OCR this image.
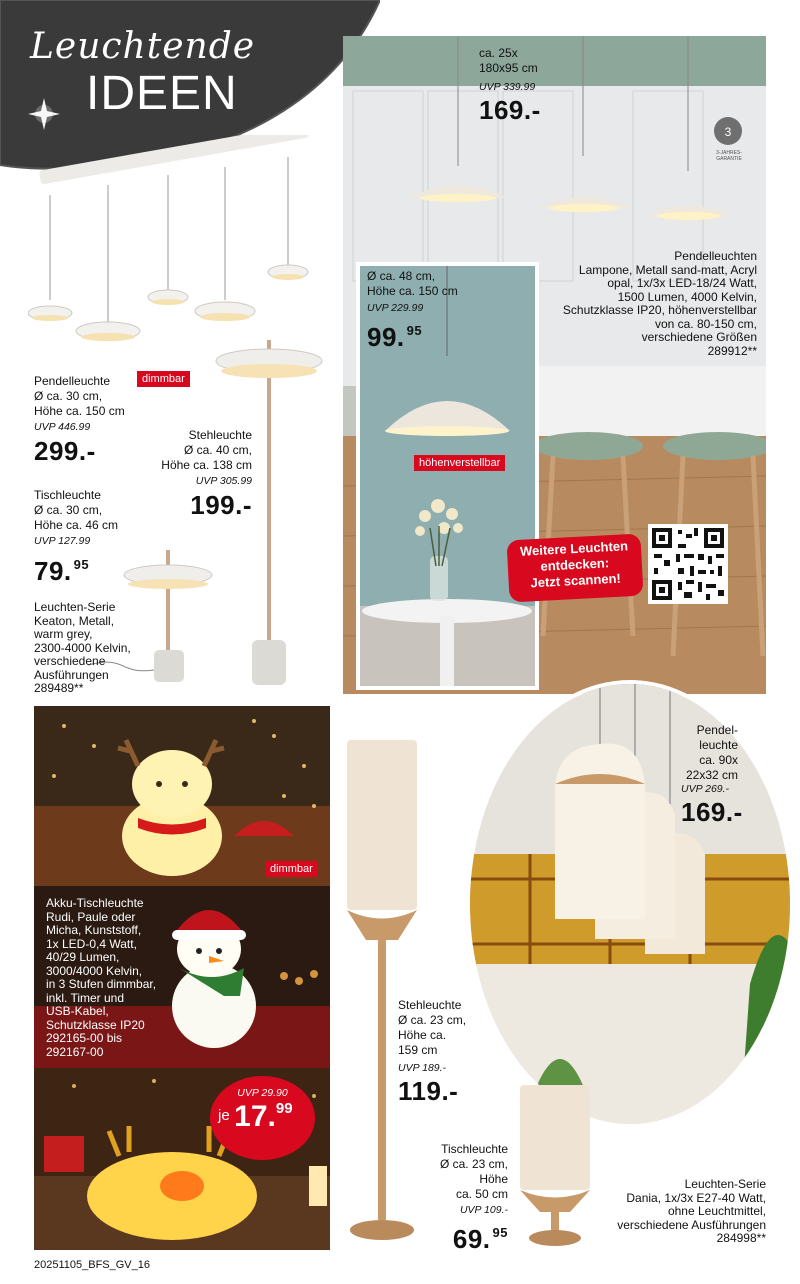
Leuchtende
IDEEN
dimmbar
Pendelleuchte
Ø ca. 30 cm,
Höhe ca. 150 cm
UVP 446.99
299.-
Stehleuchte
Ø ca. 40 cm,
Höhe ca. 138 cm
UVP 305.99
199.-
Tischleuchte
Ø ca. 30 cm,
Höhe ca. 46 cm
UVP 127.99
79. $^{95}$
Leuchten-Serie
Keaton, Metall,
warm grey,
2300-4000 Kelvin,
verschiedene
Ausführungen
289489**
3
3-JAHRES-GARANTIE
ca. 25x
180x95 cm
UVP 339.99
169.-
Pendelleuchten
Lampone, Metall sand-matt, Acryl
opal, 1x/3x LED-18/24 Watt,
1500 Lumen, 4000 Kelvin,
Schutzklasse IP20, höhenverstellbar
von ca. 80-150 cm,
verschiedene Größen
289912**
Ø ca. 48 cm,
Höhe ca. 150 cm
UVP 229.99
99. $^{95}$
höhenverstellbar
Weitere Leuchten
entdecken:
Jetzt scannen!
dimmbar
Akku-Tischleuchte
Rudi, Paule oder
Micha, Kunststoff,
1x LED-0,4 Watt,
40/29 Lumen,
3000/4000 Kelvin,
in 3 Stufen dimmbar,
inkl. Timer und
USB-Kabel,
Schutzklasse IP20
292165-00 bis
292167-00
UVP 29.90
je 17.99
Pendel-
leuchte
ca. 90x
22x32 cm
UVP 269.-
169.-
Stehleuchte
Ø ca. 23 cm,
Höhe ca.
159 cm
UVP 189.-
119.-
Tischleuchte
Ø ca. 23 cm,
Höhe
ca. 50 cm
UVP 109.-
69. $^{95}$
Leuchten-Serie
Dania, 1x/3x E27-40 Watt,
ohne Leuchtmittel,
verschiedene Ausführungen
284998**
20251105_BFS_GV_16
